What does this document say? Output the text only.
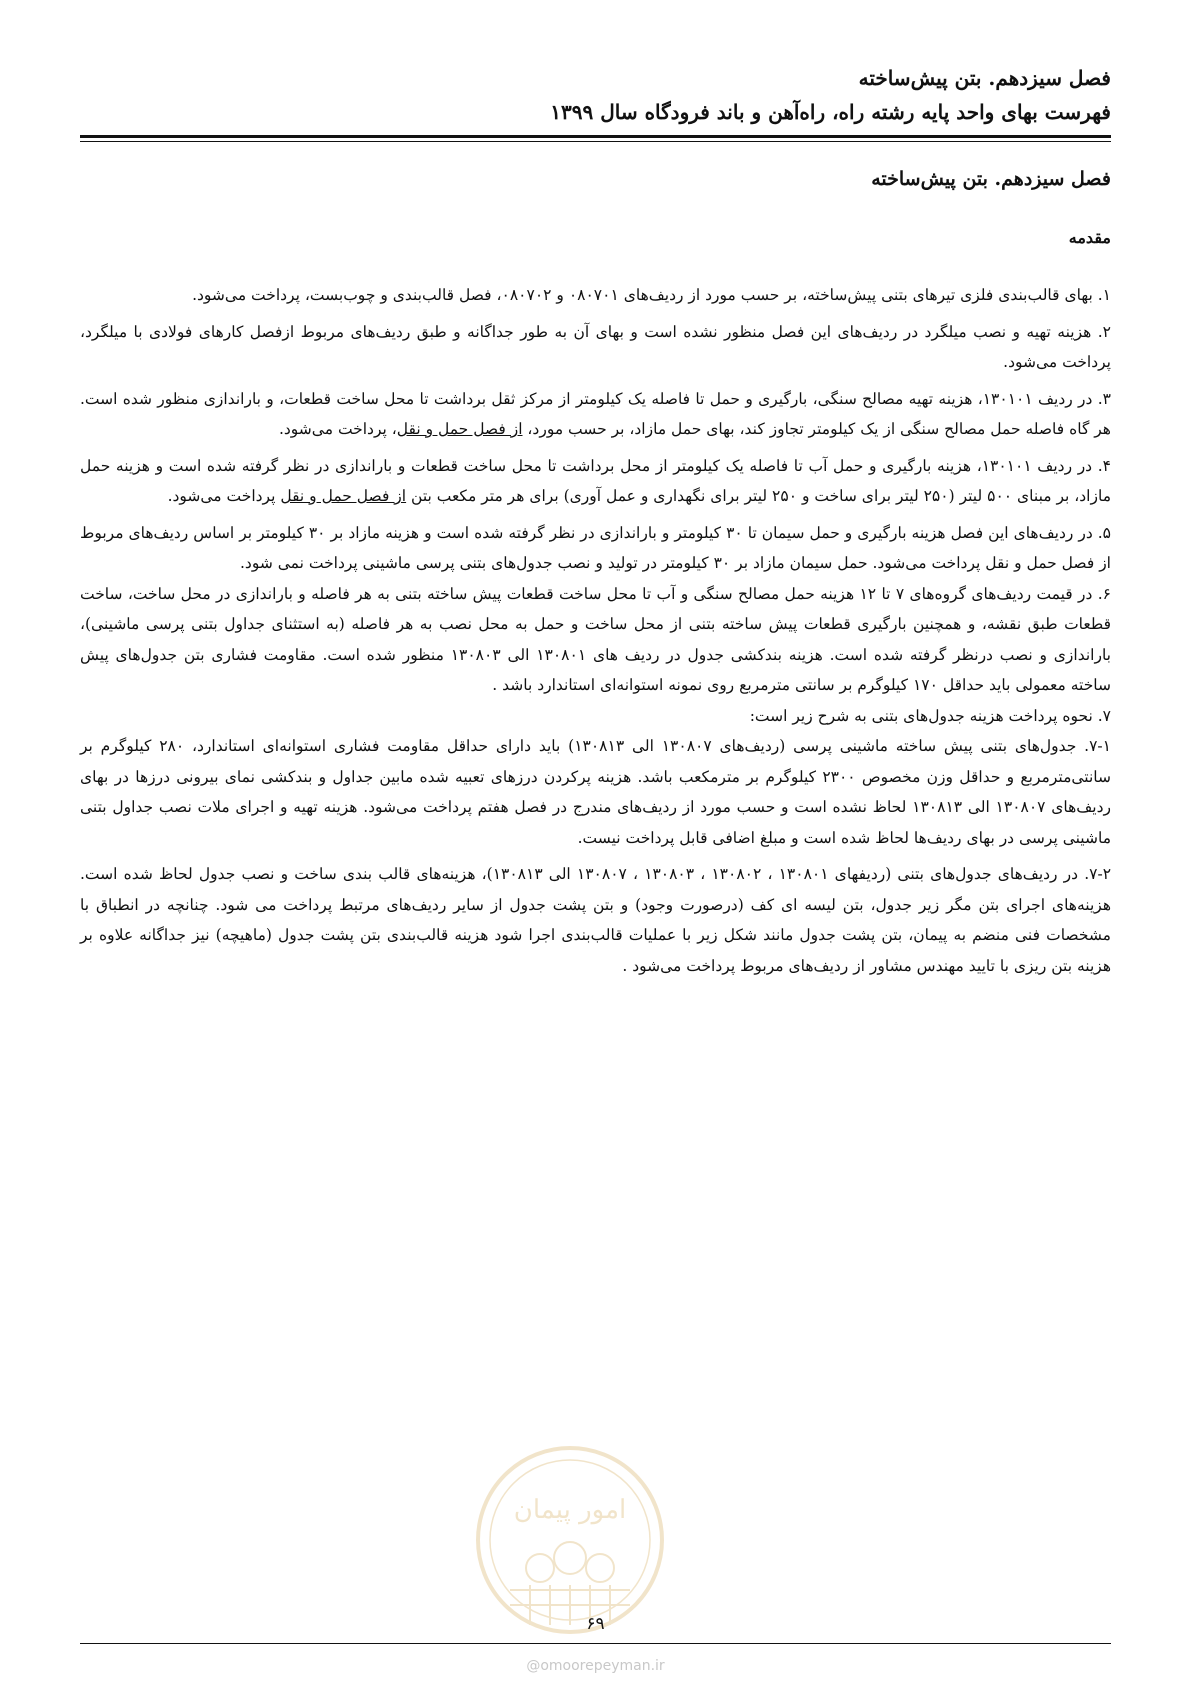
فصل سیزدهم. بتن پیش‌ساخته
فهرست بهای واحد پایه رشته راه، راه‌آهن و باند فرودگاه سال ۱۳۹۹
فصل سیزدهم. بتن پیش‌ساخته
مقدمه

۱. بهای قالب‌بندی فلزی تیرهای بتنی پیش‌ساخته، بر حسب مورد از ردیف‌های ۰۸۰۷۰۱ و ۰۸۰۷۰۲، فصل قالب‌بندی و چوب‌بست، پرداخت می‌شود.

۲. هزینه تهیه و نصب میلگرد در ردیف‌های این فصل منظور نشده است و بهای آن به طور جداگانه و طبق ردیف‌های مربوط ازفصل کارهای فولادی با میلگرد، پرداخت می‌شود.

۳. در ردیف ۱۳۰۱۰۱، هزینه تهیه مصالح سنگی، بارگیری و حمل تا فاصله یک کیلومتر از مرکز ثقل برداشت تا محل ساخت قطعات، و باراندازی منظور شده است. هر گاه فاصله حمل مصالح سنگی از یک کیلومتر تجاوز کند، بهای حمل مازاد، بر حسب مورد، از فصل حمل و نقل، پرداخت می‌شود.

۴. در ردیف ۱۳۰۱۰۱، هزینه بارگیری و حمل آب تا فاصله یک کیلومتر از محل برداشت تا محل ساخت قطعات و باراندازی در نظر گرفته شده است و هزینه حمل مازاد، بر مبنای ۵۰۰ لیتر (۲۵۰ لیتر برای ساخت و ۲۵۰ لیتر برای نگهداری و عمل آوری) برای هر متر مکعب بتن از فصل حمل و نقل پرداخت می‌شود.

۵. در ردیف‌های این فصل هزینه بارگیری و حمل سیمان تا ۳۰ کیلومتر و باراندازی در نظر گرفته شده است و هزینه مازاد بر ۳۰ کیلومتر بر اساس ردیف‌های مربوط از فصل حمل و نقل پرداخت می‌شود. حمل سیمان مازاد بر ۳۰ کیلومتر در تولید و نصب جدول‌های بتنی پرسی ماشینی پرداخت نمی شود.

۶. در قیمت ردیف‌های گروه‌های ۷ تا ۱۲ هزینه حمل مصالح سنگی و آب تا محل ساخت قطعات پیش ساخته بتنی به هر فاصله و باراندازی در محل ساخت، ساخت قطعات طبق نقشه، و همچنین بارگیری قطعات پیش ساخته بتنی از محل ساخت و حمل به محل نصب به هر فاصله (به استثنای جداول بتنی پرسی ماشینی)، باراندازی و نصب درنظر گرفته شده است. هزینه بندکشی جدول در ردیف های ۱۳۰۸۰۱ الی ۱۳۰۸۰۳ منظور شده است. مقاومت فشاری بتن جدول‌های پیش ساخته معمولی باید حداقل ۱۷۰ کیلوگرم بر سانتی مترمربع روی نمونه استوانه‌ای استاندارد باشد .

۷. نحوه پرداخت هزینه جدول‌های بتنی به شرح زیر است:

۷-۱. جدول‌های بتنی پیش ساخته ماشینی پرسی (ردیف‌های ۱۳۰۸۰۷ الی ۱۳۰۸۱۳) باید دارای حداقل مقاومت فشاری استوانه‌ای استاندارد، ۲۸۰ کیلوگرم بر سانتی‌مترمربع و حداقل وزن مخصوص ۲۳۰۰ کیلوگرم بر مترمکعب باشد. هزینه پرکردن درزهای تعبیه شده مابین جداول و بندکشی نمای بیرونی درزها در بهای ردیف‌های ۱۳۰۸۰۷ الی ۱۳۰۸۱۳ لحاظ نشده است و حسب مورد از ردیف‌های مندرج در فصل هفتم پرداخت می‌شود. هزینه تهیه و اجرای ملات نصب جداول بتنی ماشینی پرسی در بهای ردیف‌ها لحاظ شده است و مبلغ اضافی قابل پرداخت نیست.

۷-۲. در ردیف‌های جدول‌های بتنی (ردیفهای ۱۳۰۸۰۱ ، ۱۳۰۸۰۲ ، ۱۳۰۸۰۳ ، ۱۳۰۸۰۷ الی ۱۳۰۸۱۳)، هزینه‌های قالب بندی ساخت و نصب جدول لحاظ شده است. هزینه‌های اجرای بتن مگر زیر جدول، بتن لیسه ای کف (درصورت وجود) و بتن پشت جدول از سایر ردیف‌های مرتبط پرداخت می شود. چنانچه در انطباق با مشخصات فنی منضم به پیمان، بتن پشت جدول مانند شکل زیر با عملیات قالب‌بندی اجرا شود هزینه قالب‌بندی بتن پشت جدول (ماهیچه) نیز جداگانه علاوه بر هزینه بتن ریزی با تایید مهندس مشاور از ردیف‌های مربوط پرداخت می‌شود .

امور پیمان
۶۹
@omoorepeyman.ir
